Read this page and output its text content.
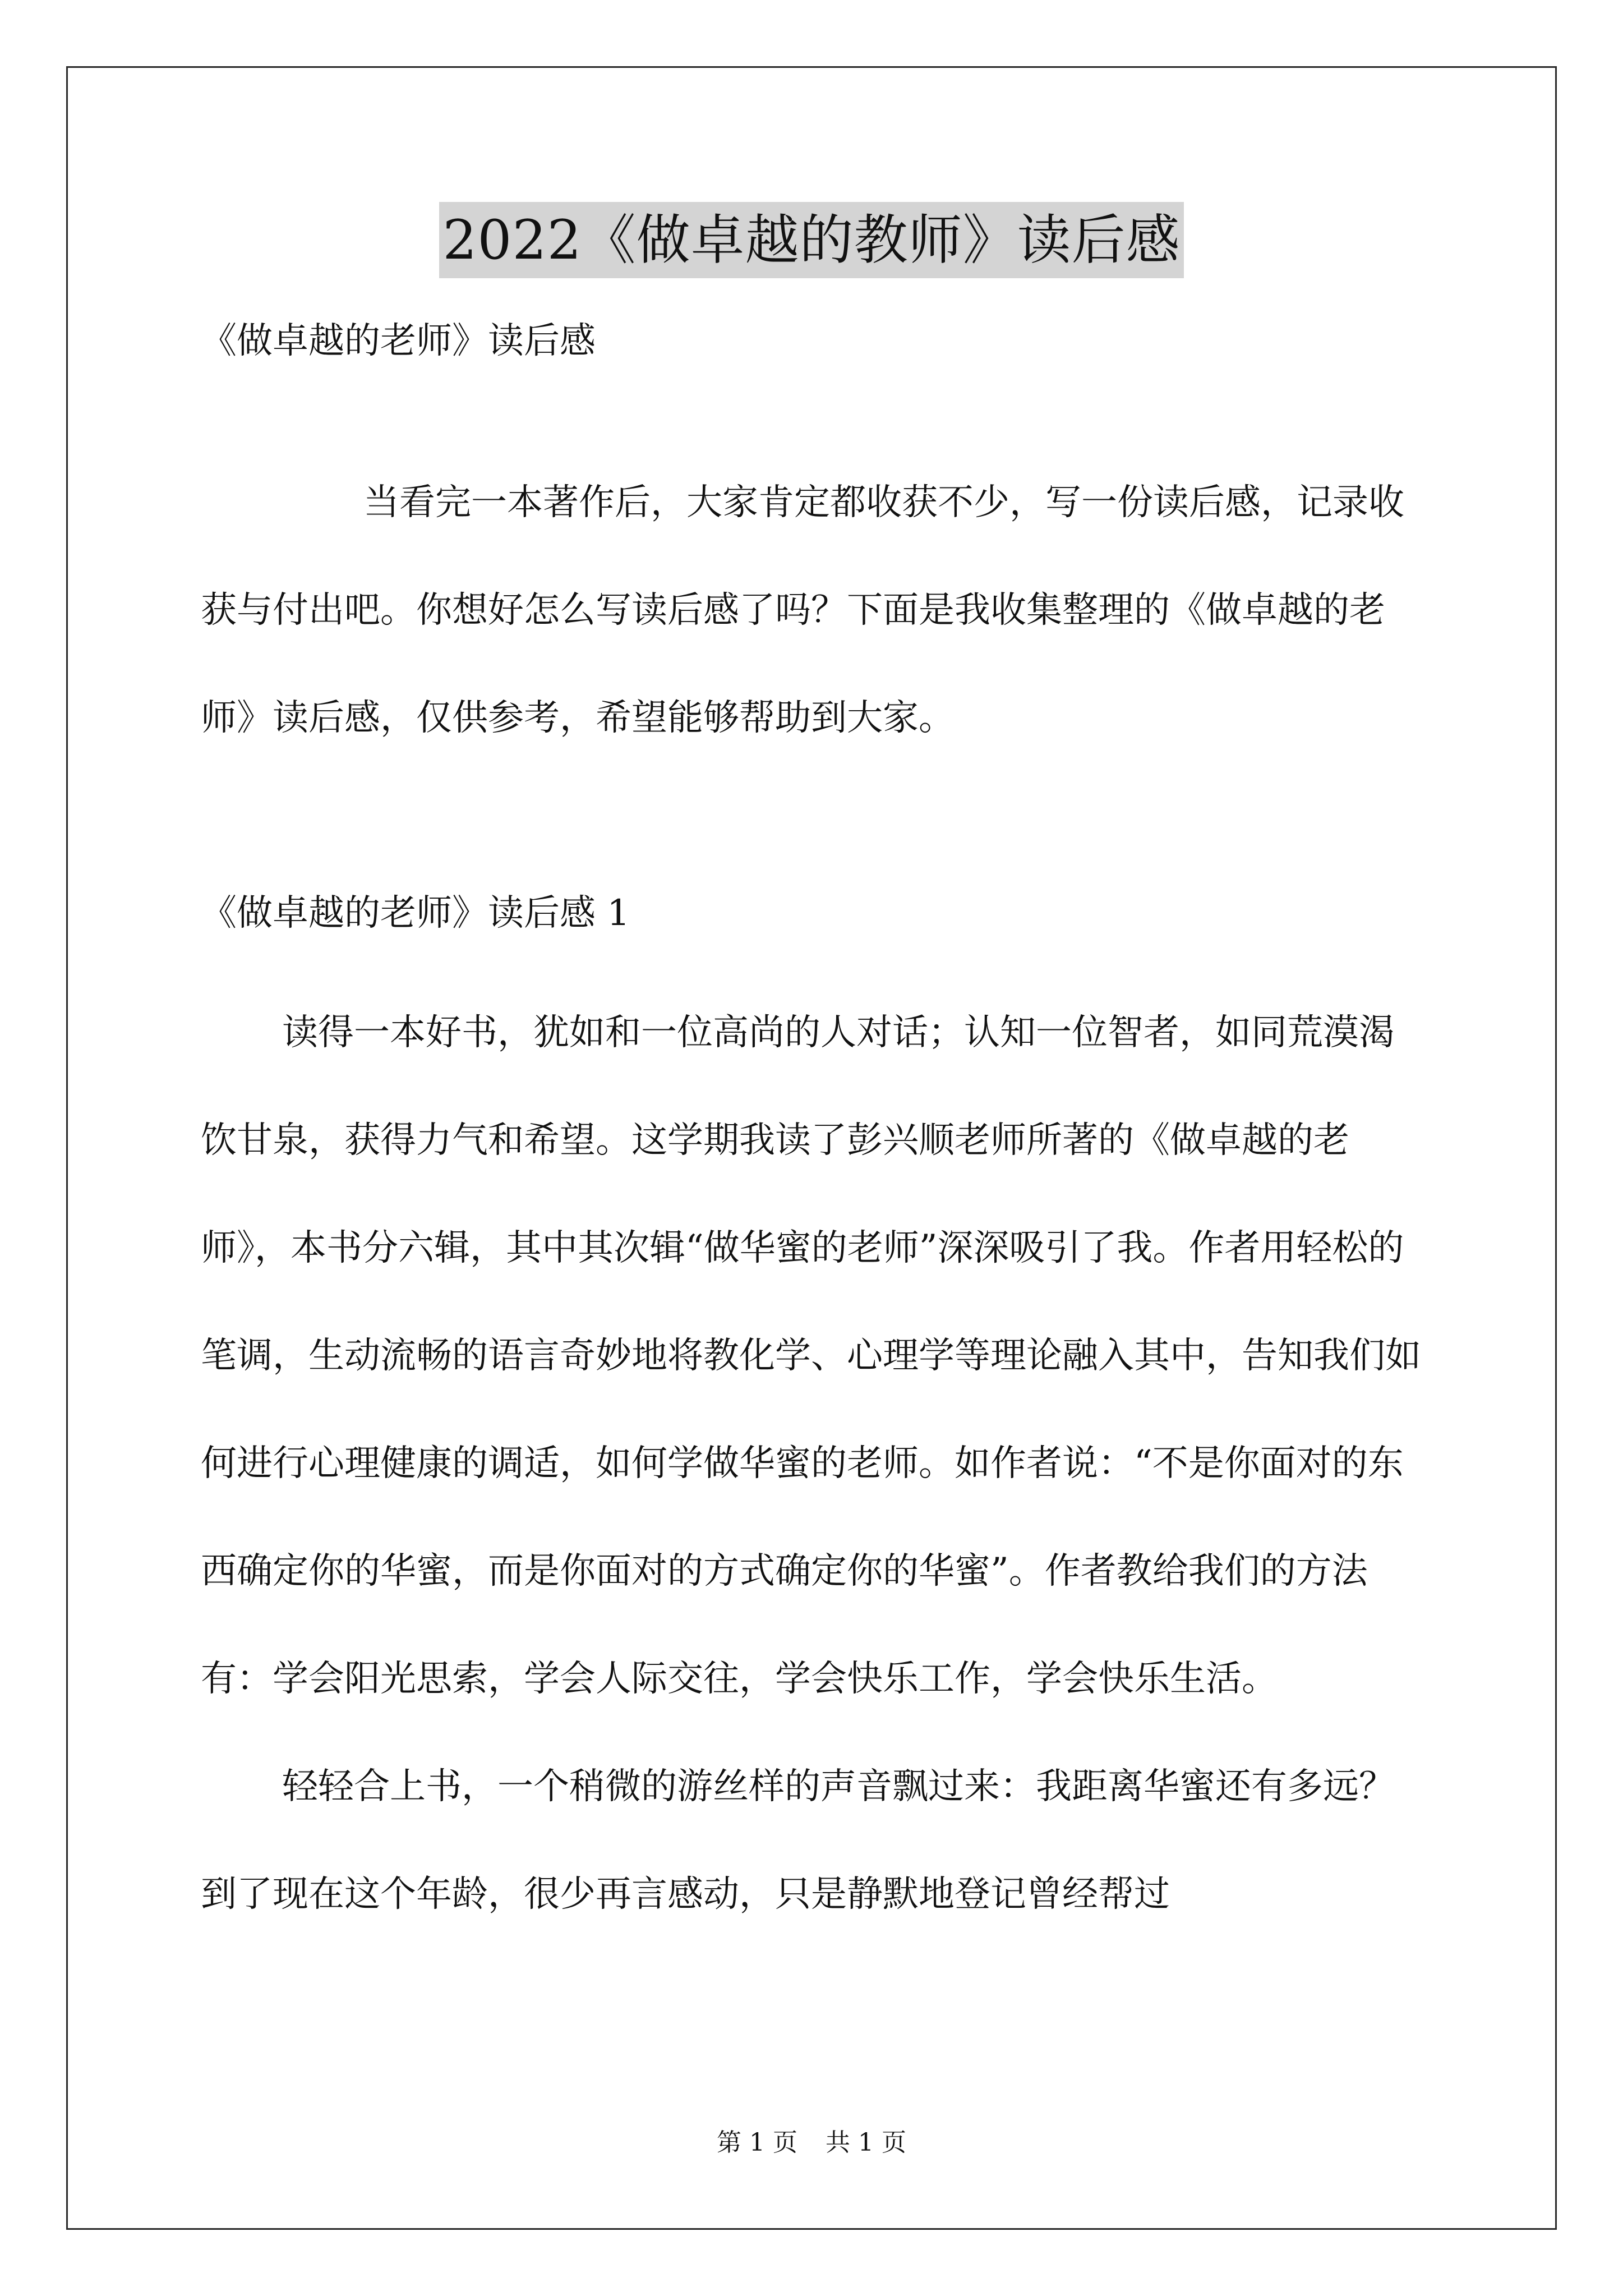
2022《做卓越的教师》读后感
《做卓越的老师》读后感
当看完一本著作后，大家肯定都收获不少，写一份读后感，记录收获与付出吧。你想好怎么写读后感了吗？下面是我收集整理的《做卓越的老师》读后感，仅供参考，希望能够帮助到大家。
《做卓越的老师》读后感 1

读得一本好书，犹如和一位高尚的人对话；认知一位智者，如同荒漠渴饮甘泉，获得力气和希望。这学期我读了彭兴顺老师所著的《做卓越的老师》，本书分六辑，其中其次辑“做华蜜的老师”深深吸引了我。作者用轻松的笔调，生动流畅的语言奇妙地将教化学、心理学等理论融入其中，告知我们如何进行心理健康的调适，如何学做华蜜的老师。如作者说：“不是你面对的东西确定你的华蜜，而是你面对的方式确定你的华蜜”。作者教给我们的方法有：学会阳光思索，学会人际交往，学会快乐工作，学会快乐生活。

轻轻合上书，一个稍微的游丝样的声音飘过来：我距离华蜜还有多远？到了现在这个年龄，很少再言感动，只是静默地登记曾经帮过

第 1 页 共 1 页
